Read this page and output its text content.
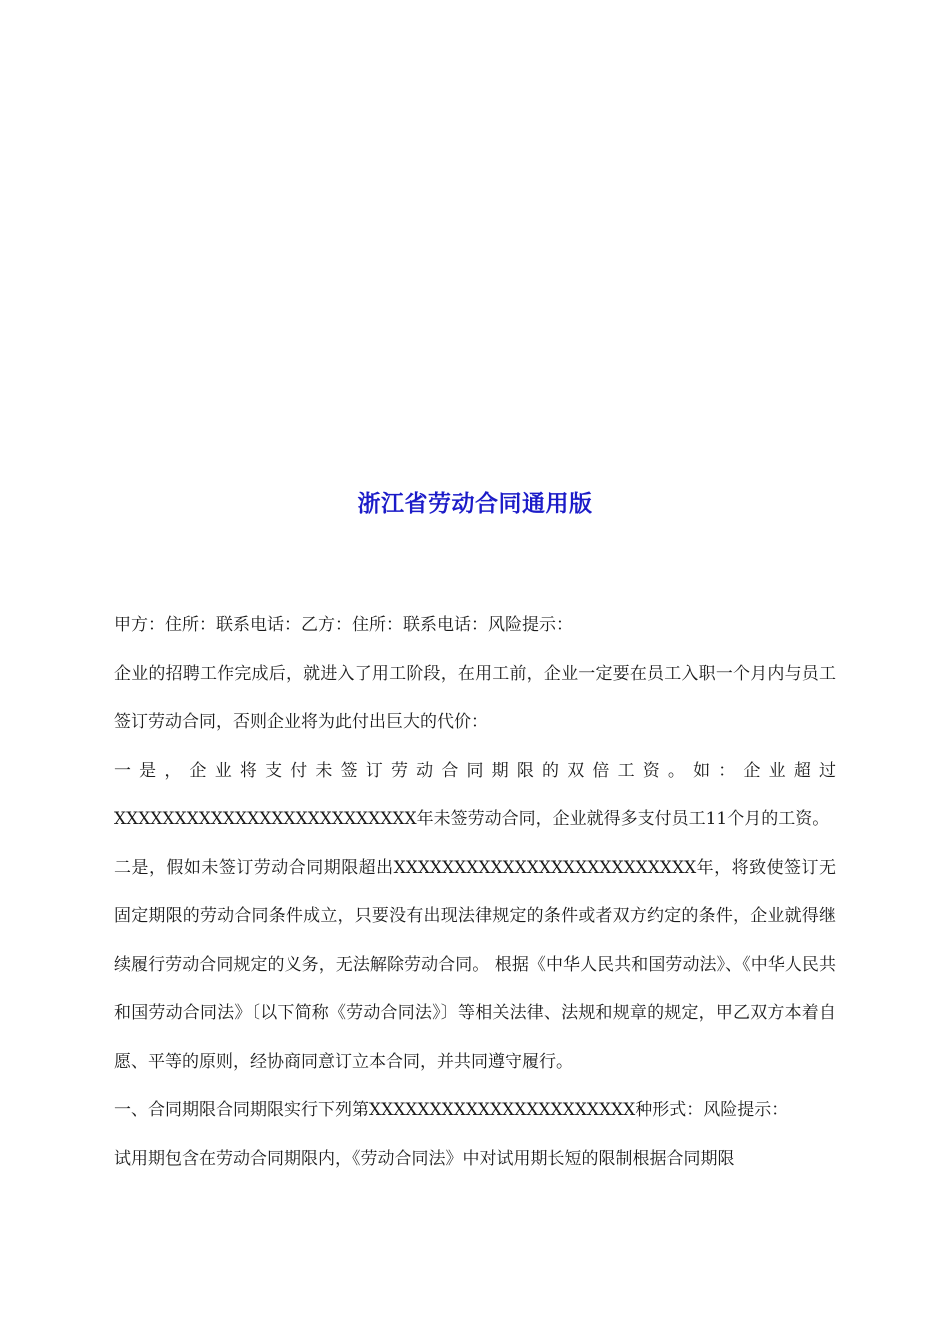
浙江省劳动合同通用版

甲方：住所：联系电话：乙方：住所：联系电话：风险提示：

企业的招聘工作完成后，就进入了用工阶段，在用工前，企业一定要在员工入职一个月内与员工签订劳动合同，否则企业将为此付出巨大的代价：

一 是 ， 企 业 将 支 付 未 签 订 劳 动 合 同 期 限 的 双 倍 工 资 。 如 ： 企 业 超 过

XXXXXXXXXXXXXXXXXXXXXXXXX年未签劳动合同，企业就得多支付员工11个月的工资。

二是，假如未签订劳动合同期限超出XXXXXXXXXXXXXXXXXXXXXXXXX年，将致使签订无固定期限的劳动合同条件成立，只要没有出现法律规定的条件或者双方约定的条件，企业就得继续履行劳动合同规定的义务，无法解除劳动合同。 根据《中华人民共和国劳动法》、《中华人民共和国劳动合同法》〔以下简称《劳动合同法》〕等相关法律、法规和规章的规定，甲乙双方本着自愿、平等的原则，经协商同意订立本合同，并共同遵守履行。

一、合同期限合同期限实行下列第XXXXXXXXXXXXXXXXXXXXXX种形式：风险提示：

试用期包含在劳动合同期限内，《劳动合同法》中对试用期长短的限制根据合同期限
